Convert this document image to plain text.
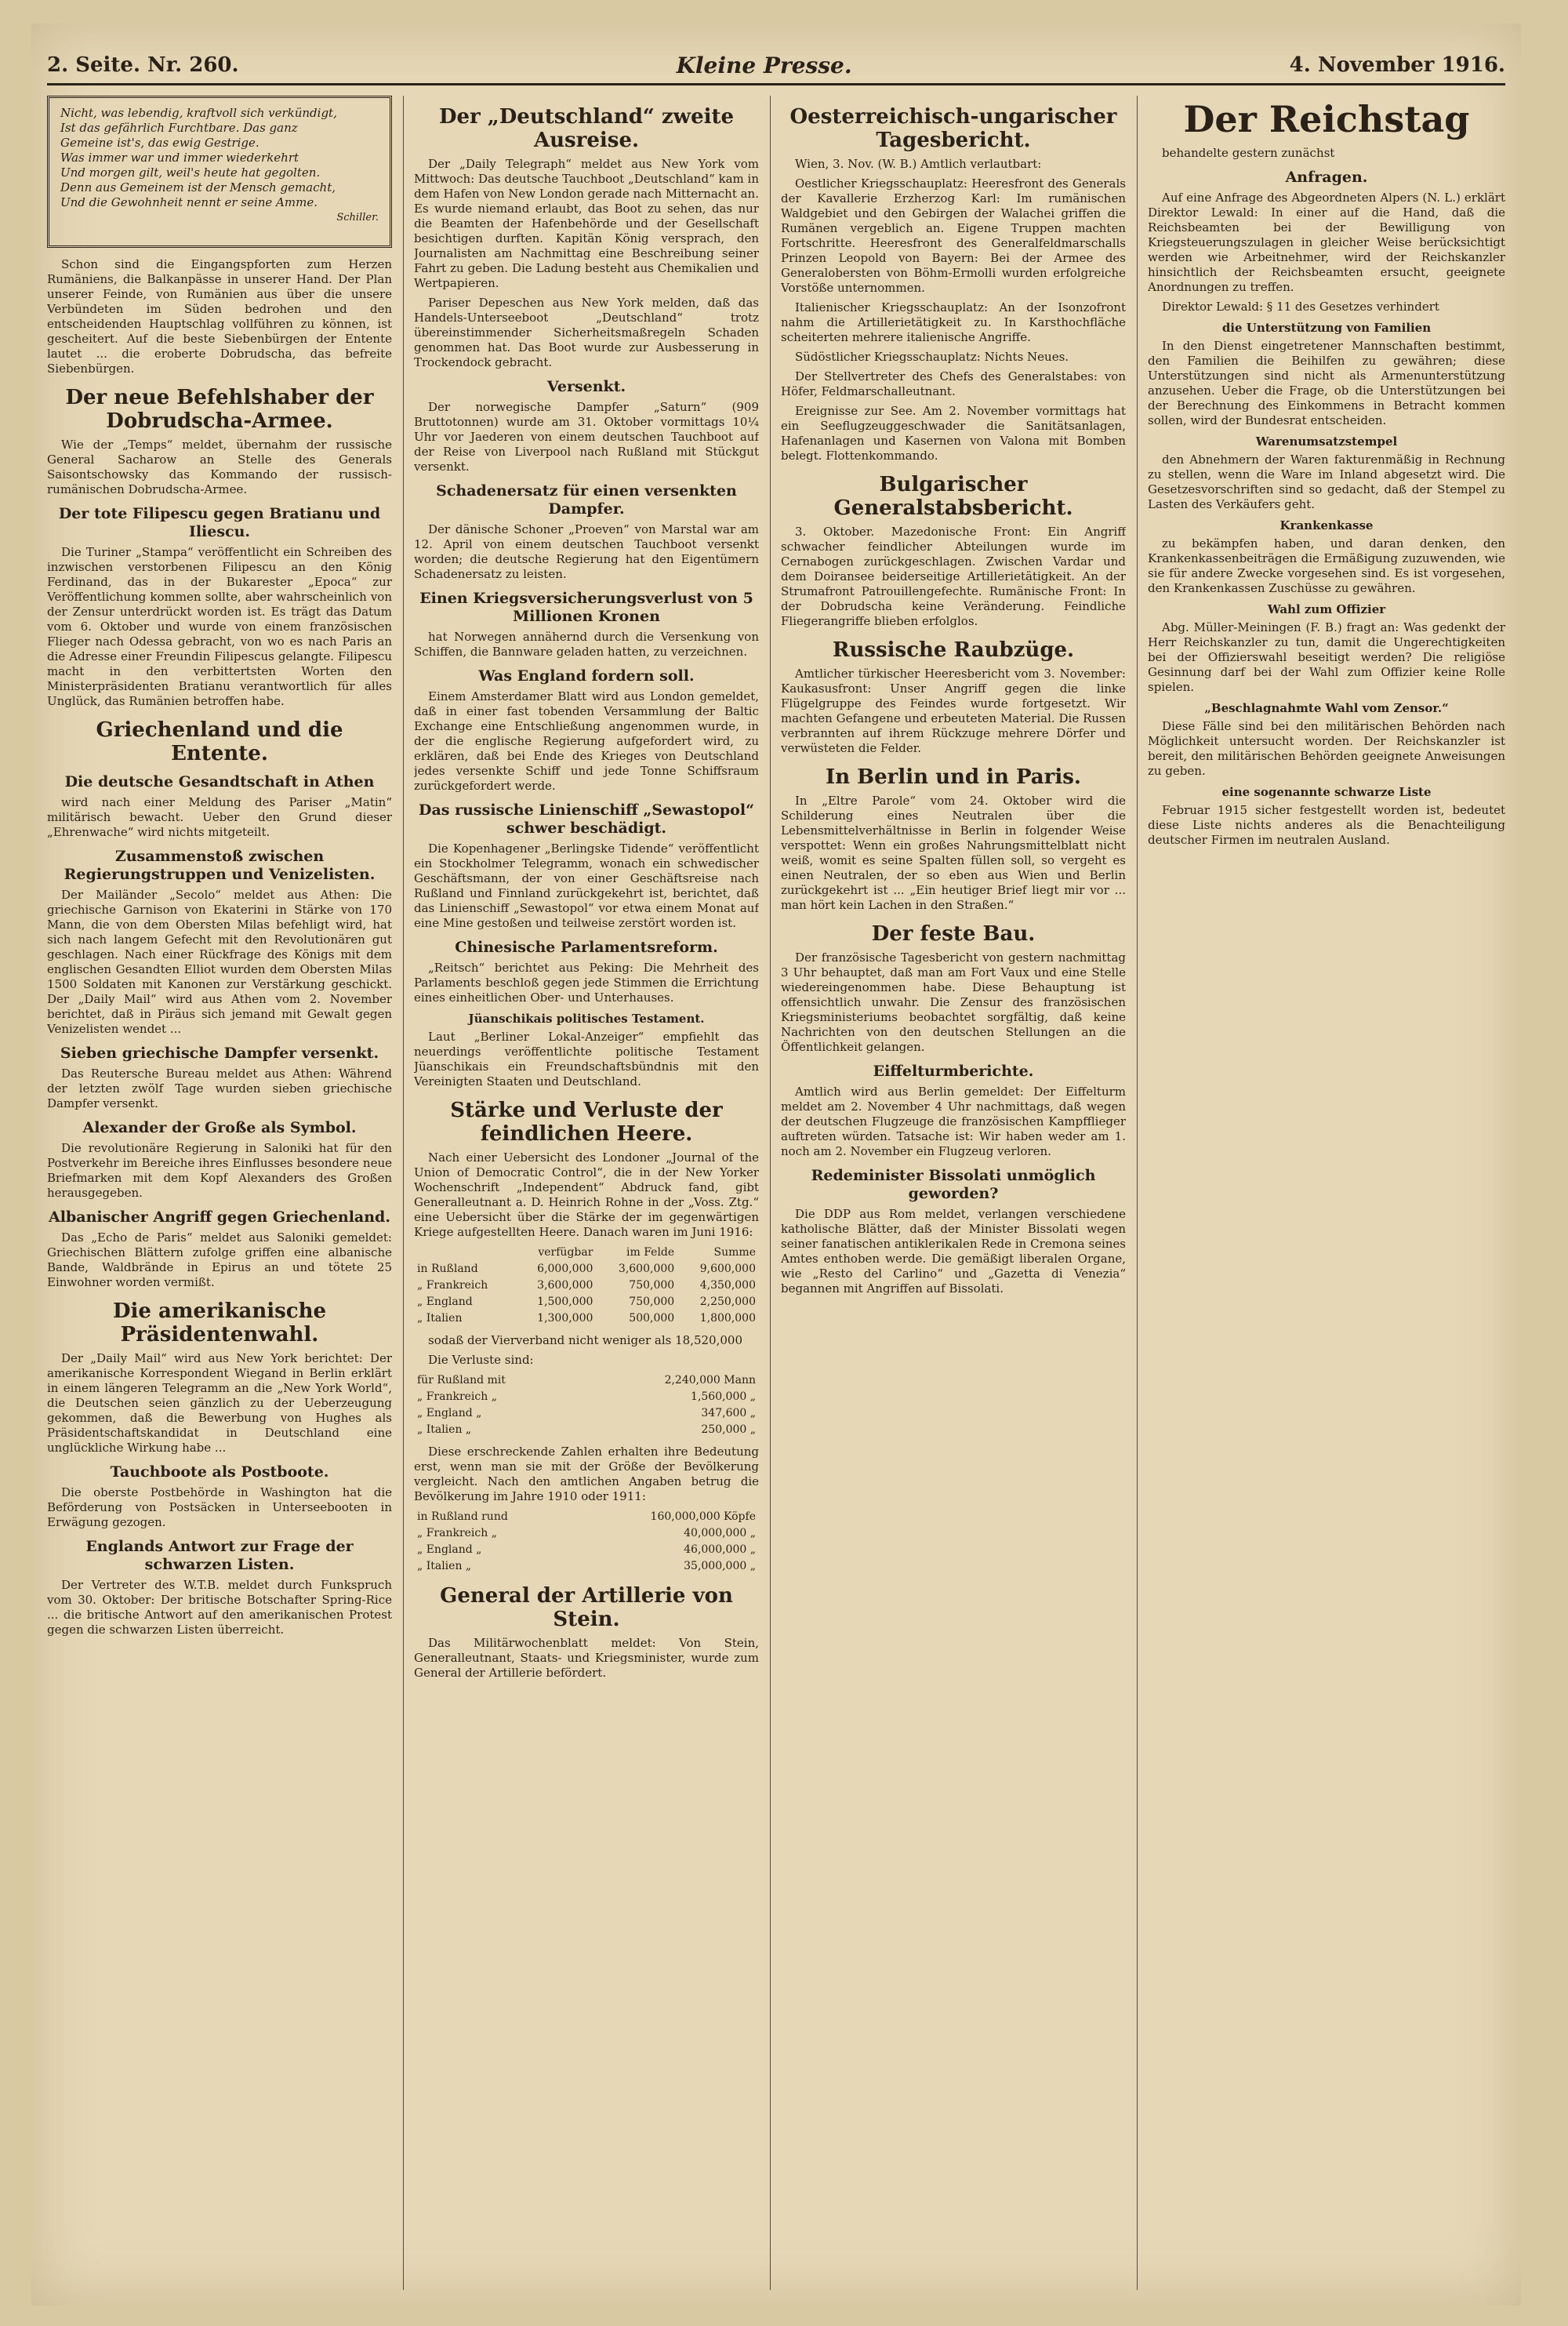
2. Seite. Nr. 260.	Kleine Presse.	4. November 1916.
Nicht, was lebendig, kraftvoll sich verkündigt,
Ist das gefährlich Furchtbare. Das ganz
Gemeine ist's, das ewig Gestrige.
Was immer war und immer wiederkehrt
Und morgen gilt, weil's heute hat gegolten.
Denn aus Gemeinem ist der Mensch gemacht,
Und die Gewohnheit nennt er seine Amme.
Schiller.

Schon sind die Eingangspforten zum Herzen Rumäniens, die Balkanpässe in unserer Hand. Der Plan unserer Feinde, von Rumänien aus über die unsere Verbündeten im Süden bedrohen und den entscheidenden Hauptschlag vollführen zu können, ist gescheitert. Auf die beste Siebenbürgen der Entente lautet ... die eroberte Dobrudscha, das befreite Siebenbürgen.

Der neue Befehlshaber der Dobrudscha-Armee.

Wie der „Temps“ meldet, übernahm der russische General Sacharow an Stelle des Generals Saisontschowsky das Kommando der russisch-rumänischen Dobrudscha-Armee.

Der tote Filipescu gegen Bratianu und Iliescu.

Die Turiner „Stampa“ veröffentlicht ein Schreiben des inzwischen verstorbenen Filipescu an den König Ferdinand, das in der Bukarester „Epoca“ zur Veröffentlichung kommen sollte, aber wahrscheinlich von der Zensur unterdrückt worden ist. Es trägt das Datum vom 6. Oktober und wurde von einem französischen Flieger nach Odessa gebracht, von wo es nach Paris an die Adresse einer Freundin Filipescus gelangte. Filipescu macht in den verbittertsten Worten den Ministerpräsidenten Bratianu verantwortlich für alles Unglück, das Rumänien betroffen habe.

Griechenland und die Entente.
Die deutsche Gesandtschaft in Athen

wird nach einer Meldung des Pariser „Matin“ militärisch bewacht. Ueber den Grund dieser „Ehrenwache“ wird nichts mitgeteilt.

Zusammenstoß zwischen Regierungstruppen und Venizelisten.

Der Mailänder „Secolo“ meldet aus Athen: Die griechische Garnison von Ekaterini in Stärke von 170 Mann, die von dem Obersten Milas befehligt wird, hat sich nach langem Gefecht mit den Revolutionären gut geschlagen. Nach einer Rückfrage des Königs mit dem englischen Gesandten Elliot wurden dem Obersten Milas 1500 Soldaten mit Kanonen zur Verstärkung geschickt. Der „Daily Mail“ wird aus Athen vom 2. November berichtet, daß in Piräus sich jemand mit Gewalt gegen Venizelisten wendet ...

Sieben griechische Dampfer versenkt.

Das Reutersche Bureau meldet aus Athen: Während der letzten zwölf Tage wurden sieben griechische Dampfer versenkt.

Alexander der Große als Symbol.

Die revolutionäre Regierung in Saloniki hat für den Postverkehr im Bereiche ihres Einflusses besondere neue Briefmarken mit dem Kopf Alexanders des Großen herausgegeben.

Albanischer Angriff gegen Griechenland.

Das „Echo de Paris“ meldet aus Saloniki gemeldet: Griechischen Blättern zufolge griffen eine albanische Bande, Waldbrände in Epirus an und tötete 25 Einwohner worden vermißt.

Die amerikanische Präsidentenwahl.

Der „Daily Mail“ wird aus New York berichtet: Der amerikanische Korrespondent Wiegand in Berlin erklärt in einem längeren Telegramm an die „New York World“, die Deutschen seien gänzlich zu der Ueberzeugung gekommen, daß die Bewerbung von Hughes als Präsidentschaftskandidat in Deutschland eine unglückliche Wirkung habe ...

Tauchboote als Postboote.

Die oberste Postbehörde in Washington hat die Beförderung von Postsäcken in Unterseebooten in Erwägung gezogen.

Englands Antwort zur Frage der schwarzen Listen.

Der Vertreter des W.T.B. meldet durch Funkspruch vom 30. Oktober: Der britische Botschafter Spring-Rice ... die britische Antwort auf den amerikanischen Protest gegen die schwarzen Listen überreicht.

Der „Deutschland“ zweite Ausreise.

Der „Daily Telegraph“ meldet aus New York vom Mittwoch: Das deutsche Tauchboot „Deutschland“ kam in dem Hafen von New London gerade nach Mitternacht an. Es wurde niemand erlaubt, das Boot zu sehen, das nur die Beamten der Hafenbehörde und der Gesellschaft besichtigen durften. Kapitän König versprach, den Journalisten am Nachmittag eine Beschreibung seiner Fahrt zu geben. Die Ladung besteht aus Chemikalien und Wertpapieren.

Pariser Depeschen aus New York melden, daß das Handels-Unterseeboot „Deutschland“ trotz übereinstimmender Sicherheitsmaßregeln Schaden genommen hat. Das Boot wurde zur Ausbesserung in Trockendock gebracht.

Versenkt.

Der norwegische Dampfer „Saturn“ (909 Bruttotonnen) wurde am 31. Oktober vormittags 10¼ Uhr vor Jaederen von einem deutschen Tauchboot auf der Reise von Liverpool nach Rußland mit Stückgut versenkt.

Schadenersatz für einen versenkten Dampfer.

Der dänische Schoner „Proeven“ von Marstal war am 12. April von einem deutschen Tauchboot versenkt worden; die deutsche Regierung hat den Eigentümern Schadenersatz zu leisten.

Einen Kriegsversicherungsverlust von 5 Millionen Kronen

hat Norwegen annähernd durch die Versenkung von Schiffen, die Bannware geladen hatten, zu verzeichnen.

Was England fordern soll.

Einem Amsterdamer Blatt wird aus London gemeldet, daß in einer fast tobenden Versammlung der Baltic Exchange eine Entschließung angenommen wurde, in der die englische Regierung aufgefordert wird, zu erklären, daß bei Ende des Krieges von Deutschland jedes versenkte Schiff und jede Tonne Schiffsraum zurückgefordert werde.

Das russische Linienschiff „Sewastopol“ schwer beschädigt.

Die Kopenhagener „Berlingske Tidende“ veröffentlicht ein Stockholmer Telegramm, wonach ein schwedischer Geschäftsmann, der von einer Geschäftsreise nach Rußland und Finnland zurückgekehrt ist, berichtet, daß das Linienschiff „Sewastopol“ vor etwa einem Monat auf eine Mine gestoßen und teilweise zerstört worden ist.

Chinesische Parlamentsreform.

„Reitsch“ berichtet aus Peking: Die Mehrheit des Parlaments beschloß gegen jede Stimmen die Errichtung eines einheitlichen Ober- und Unterhauses.

Jüanschikais politisches Testament.

Laut „Berliner Lokal-Anzeiger“ empfiehlt das neuerdings veröffentlichte politische Testament Jüanschikais ein Freundschaftsbündnis mit den Vereinigten Staaten und Deutschland.

Stärke und Verluste der feindlichen Heere.

Nach einer Uebersicht des Londoner „Journal of the Union of Democratic Control“, die in der New Yorker Wochenschrift „Independent“ Abdruck fand, gibt Generalleutnant a. D. Heinrich Rohne in der „Voss. Ztg.“ eine Uebersicht über die Stärke der im gegenwärtigen Kriege aufgestellten Heere. Danach waren im Juni 1916:

	verfügbar	im Felde	Summe
in Rußland	6,000,000	3,600,000	9,600,000
„ Frankreich	3,600,000	750,000	4,350,000
„ England	1,500,000	750,000	2,250,000
„ Italien	1,300,000	500,000	1,800,000

sodaß der Vierverband nicht weniger als 18,520,000

Die Verluste sind:

für Rußland mit	2,240,000 Mann
„ Frankreich „	1,560,000 „
„ England „	347,600 „
„ Italien „	250,000 „

Diese erschreckende Zahlen erhalten ihre Bedeutung erst, wenn man sie mit der Größe der Bevölkerung vergleicht. Nach den amtlichen Angaben betrug die Bevölkerung im Jahre 1910 oder 1911:

in Rußland rund	160,000,000 Köpfe
„ Frankreich „	40,000,000 „
„ England „	46,000,000 „
„ Italien „	35,000,000 „
General der Artillerie von Stein.

Das Militärwochenblatt meldet: Von Stein, Generalleutnant, Staats- und Kriegsminister, wurde zum General der Artillerie befördert.

Oesterreichisch-ungarischer Tagesbericht.

Wien, 3. Nov. (W. B.) Amtlich verlautbart:

Oestlicher Kriegsschauplatz: Heeresfront des Generals der Kavallerie Erzherzog Karl: Im rumänischen Waldgebiet und den Gebirgen der Walachei griffen die Rumänen vergeblich an. Eigene Truppen machten Fortschritte. Heeresfront des Generalfeldmarschalls Prinzen Leopold von Bayern: Bei der Armee des Generalobersten von Böhm-Ermolli wurden erfolgreiche Vorstöße unternommen.

Italienischer Kriegsschauplatz: An der Isonzofront nahm die Artillerietätigkeit zu. In Karsthochfläche scheiterten mehrere italienische Angriffe.

Südöstlicher Kriegsschauplatz: Nichts Neues.

Der Stellvertreter des Chefs des Generalstabes: von Höfer, Feldmarschalleutnant.

Ereignisse zur See. Am 2. November vormittags hat ein Seeflugzeuggeschwader die Sanitätsanlagen, Hafenanlagen und Kasernen von Valona mit Bomben belegt. Flottenkommando.

Bulgarischer Generalstabsbericht.

3. Oktober. Mazedonische Front: Ein Angriff schwacher feindlicher Abteilungen wurde im Cernabogen zurückgeschlagen. Zwischen Vardar und dem Doiransee beiderseitige Artillerietätigkeit. An der Strumafront Patrouillengefechte. Rumänische Front: In der Dobrudscha keine Veränderung. Feindliche Fliegerangriffe blieben erfolglos.

Russische Raubzüge.

Amtlicher türkischer Heeresbericht vom 3. November: Kaukasusfront: Unser Angriff gegen die linke Flügelgruppe des Feindes wurde fortgesetzt. Wir machten Gefangene und erbeuteten Material. Die Russen verbrannten auf ihrem Rückzuge mehrere Dörfer und verwüsteten die Felder.

In Berlin und in Paris.

In „Eltre Parole“ vom 24. Oktober wird die Schilderung eines Neutralen über die Lebensmittelverhältnisse in Berlin in folgender Weise verspottet: Wenn ein großes Nahrungsmittelblatt nicht weiß, womit es seine Spalten füllen soll, so vergeht es einen Neutralen, der so eben aus Wien und Berlin zurückgekehrt ist ... „Ein heutiger Brief liegt mir vor ... man hört kein Lachen in den Straßen.“

Der feste Bau.

Der französische Tagesbericht von gestern nachmittag 3 Uhr behauptet, daß man am Fort Vaux und eine Stelle wiedereingenommen habe. Diese Behauptung ist offensichtlich unwahr. Die Zensur des französischen Kriegsministeriums beobachtet sorgfältig, daß keine Nachrichten von den deutschen Stellungen an die Öffentlichkeit gelangen.

Eiffelturmberichte.

Amtlich wird aus Berlin gemeldet: Der Eiffelturm meldet am 2. November 4 Uhr nachmittags, daß wegen der deutschen Flugzeuge die französischen Kampfflieger auftreten würden. Tatsache ist: Wir haben weder am 1. noch am 2. November ein Flugzeug verloren.

Redeminister Bissolati unmöglich geworden?

Die DDP aus Rom meldet, verlangen verschiedene katholische Blätter, daß der Minister Bissolati wegen seiner fanatischen antiklerikalen Rede in Cremona seines Amtes enthoben werde. Die gemäßigt liberalen Organe, wie „Resto del Carlino“ und „Gazetta di Venezia“ begannen mit Angriffen auf Bissolati.

Der Reichstag

behandelte gestern zunächst

Anfragen.

Auf eine Anfrage des Abgeordneten Alpers (N. L.) erklärt Direktor Lewald: In einer auf die Hand, daß die Reichsbeamten bei der Bewilligung von Kriegsteuerungszulagen in gleicher Weise berücksichtigt werden wie Arbeitnehmer, wird der Reichskanzler hinsichtlich der Reichsbeamten ersucht, geeignete Anordnungen zu treffen.

Direktor Lewald: § 11 des Gesetzes verhindert

die Unterstützung von Familien

In den Dienst eingetretener Mannschaften bestimmt, den Familien die Beihilfen zu gewähren; diese Unterstützungen sind nicht als Armenunterstützung anzusehen. Ueber die Frage, ob die Unterstützungen bei der Berechnung des Einkommens in Betracht kommen sollen, wird der Bundesrat entscheiden.

Warenumsatzstempel

den Abnehmern der Waren fakturenmäßig in Rechnung zu stellen, wenn die Ware im Inland abgesetzt wird. Die Gesetzesvorschriften sind so gedacht, daß der Stempel zu Lasten des Verkäufers geht.

Krankenkasse

zu bekämpfen haben, und daran denken, den Krankenkassenbeiträgen die Ermäßigung zuzuwenden, wie sie für andere Zwecke vorgesehen sind. Es ist vorgesehen, den Krankenkassen Zuschüsse zu gewähren.

Wahl zum Offizier

Abg. Müller-Meiningen (F. B.) fragt an: Was gedenkt der Herr Reichskanzler zu tun, damit die Ungerechtigkeiten bei der Offizierswahl beseitigt werden? Die religiöse Gesinnung darf bei der Wahl zum Offizier keine Rolle spielen.

„Beschlagnahmte Wahl vom Zensor.“

Diese Fälle sind bei den militärischen Behörden nach Möglichkeit untersucht worden. Der Reichskanzler ist bereit, den militärischen Behörden geeignete Anweisungen zu geben.

eine sogenannte schwarze Liste

Februar 1915 sicher festgestellt worden ist, bedeutet diese Liste nichts anderes als die Benachteiligung deutscher Firmen im neutralen Ausland.
